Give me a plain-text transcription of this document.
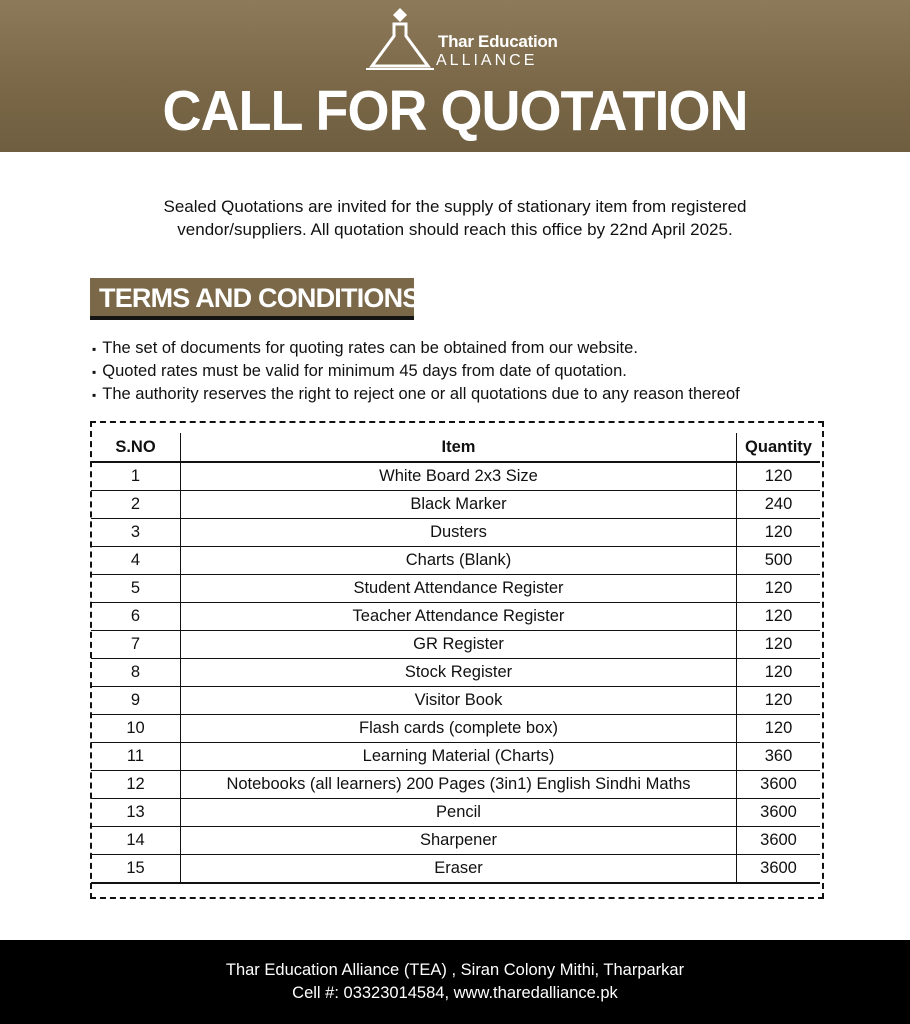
Thar Education
ALLIANCE
CALL FOR QUOTATION
Sealed Quotations are invited for the supply of stationary item from registered
vendor/suppliers. All quotation should reach this office by 22nd April 2025.
TERMS AND CONDITIONS:
▪ The set of documents for quoting rates can be obtained from our website.
▪ Quoted rates must be valid for minimum 45 days from date of quotation.
▪ The authority reserves the right to reject one or all quotations due to any reason thereof
S.NO	Item	Quantity
1	White Board 2x3 Size	120
2	Black Marker	240
3	Dusters	120
4	Charts (Blank)	500
5	Student Attendance Register	120
6	Teacher Attendance Register	120
7	GR Register	120
8	Stock Register	120
9	Visitor Book	120
10	Flash cards (complete box)	120
11	Learning Material (Charts)	360
12	Notebooks (all learners) 200 Pages (3in1) English Sindhi Maths	3600
13	Pencil	3600
14	Sharpener	3600
15	Eraser	3600
Thar Education Alliance (TEA) , Siran Colony Mithi, Tharparkar
Cell #: 03323014584, www.tharedalliance.pk
